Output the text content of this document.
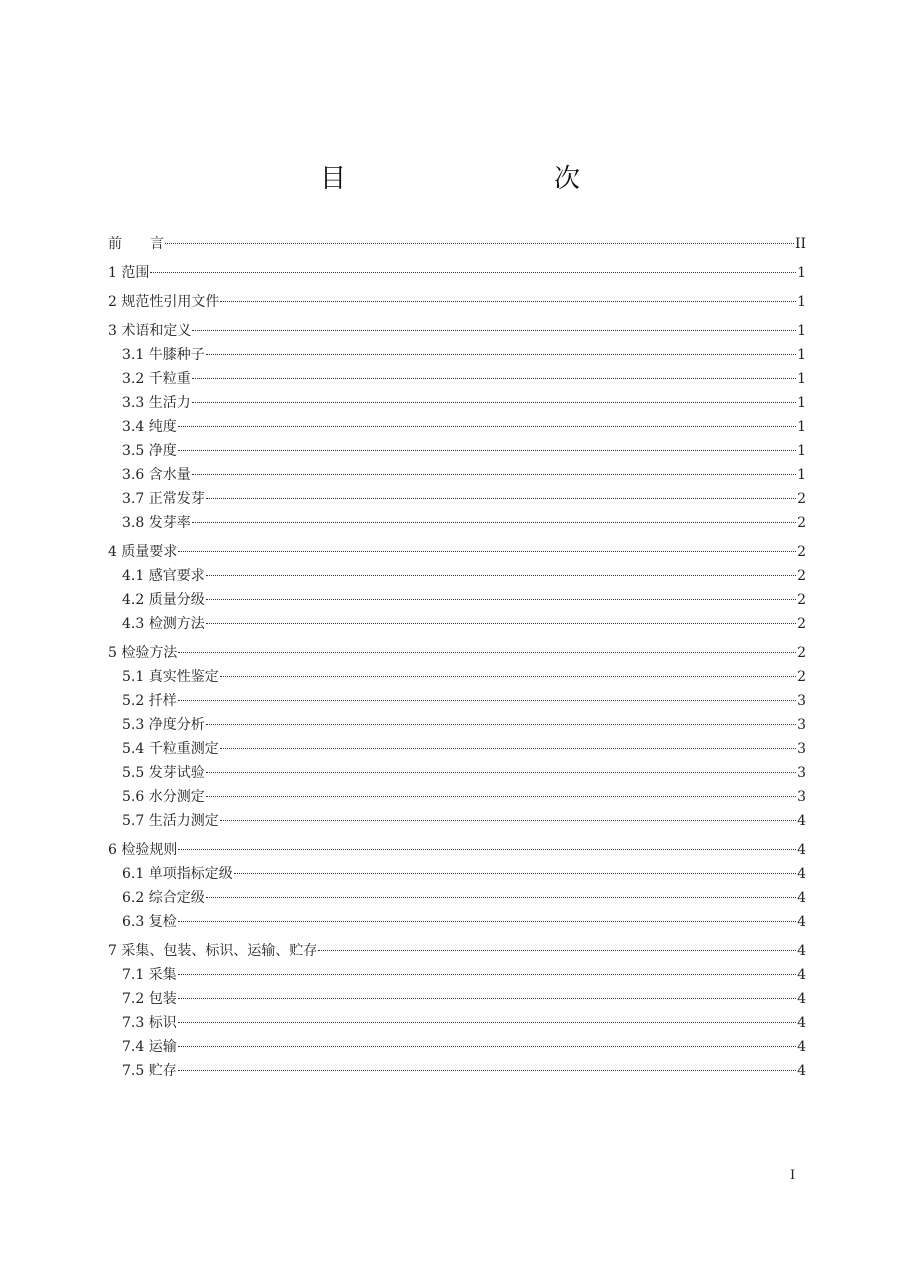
目　　次
前　　言	II
1 范围	1
2 规范性引用文件	1
3 术语和定义	1
3.1 牛膝种子	1
3.2 千粒重	1
3.3 生活力	1
3.4 纯度	1
3.5 净度	1
3.6 含水量	1
3.7 正常发芽	2
3.8 发芽率	2
4 质量要求	2
4.1 感官要求	2
4.2 质量分级	2
4.3 检测方法	2
5 检验方法	2
5.1 真实性鉴定	2
5.2 扦样	3
5.3 净度分析	3
5.4 千粒重测定	3
5.5 发芽试验	3
5.6 水分测定	3
5.7 生活力测定	4
6 检验规则	4
6.1 单项指标定级	4
6.2 综合定级	4
6.3 复检	4
7 采集、包装、标识、运输、贮存	4
7.1 采集	4
7.2 包装	4
7.3 标识	4
7.4 运输	4
7.5 贮存	4
I
